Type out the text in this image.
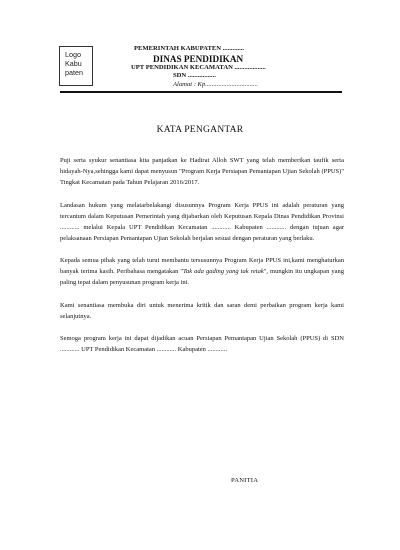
Logo
Kabu
paten
PEMERINTAH KABUPATEN .............
DINAS PENDIDIKAN
UPT PENDIDIKAN KECAMATAN ...................
SDN .................
Alamat : Kp................................
KATA PENGANTAR

Puji serta syukur senantiasa kita panjatkan ke Hadirat Alloh SWT yang telah memberikan taufik serta hidayah-Nya,sehingga kami dapat menyusun "Program Kerja Persiapan Pemantapan Ujian Sekolah (PPUS)" Tingkat Kecamatan pada Tahun Pelajaran 2016/2017.

Landasan hukum yang melatarbelakangi disusunnya Program Kerja PPUS ini adalah peraturan yang tercantum dalam Keputusan Pemerintah yang dijabarkan oleh Keputusan Kepala Dinas Pendidikan Provinsi ............ melalui Kepala UPT Pendidikan Kecamatan ............ Kabupaten ............ dengan tujuan agar pelaksanaan Persiapan Pemantapan Ujian Sekolah berjalan sesuai dengan peraturan yang berlaku.

Kepada semua pihak yang telah turut membantu tersusunnya Program Kerja PPUS ini,kami menghaturkan banyak terima kasih. Peribahasa mengatakan "Tak ada gading yang tak retak", mungkin itu ungkapan yang paling tepat dalam penyusunan program kerja ini.

Kami senantiasa membuka diri untuk menerima kritik dan saran demi perbaikan program kerja kami selanjutnya.

Semoga program kerja ini dapat dijadikan acuan Persiapan Pemantapan Ujian Sekolah (PPUS) di SDN ............ UPT Pendidikan Kecamatan ............ Kabupaten ............

PANITIA
